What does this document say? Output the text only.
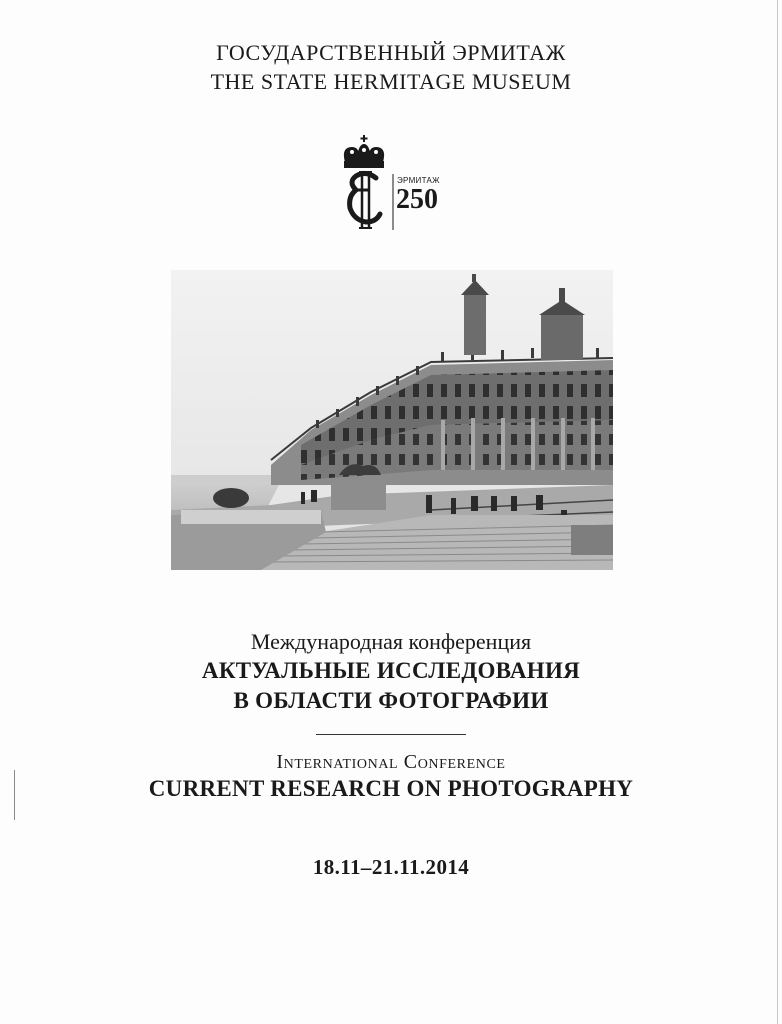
ГОСУДАРСТВЕННЫЙ ЭРМИТАЖ
THE STATE HERMITAGE MUSEUM
ЭРМИТАЖ
250
Международная конференция
АКТУАЛЬНЫЕ ИССЛЕДОВАНИЯ
В ОБЛАСТИ ФОТОГРАФИИ
International Conference
CURRENT RESEARCH ON PHOTOGRAPHY
18.11–21.11.2014
